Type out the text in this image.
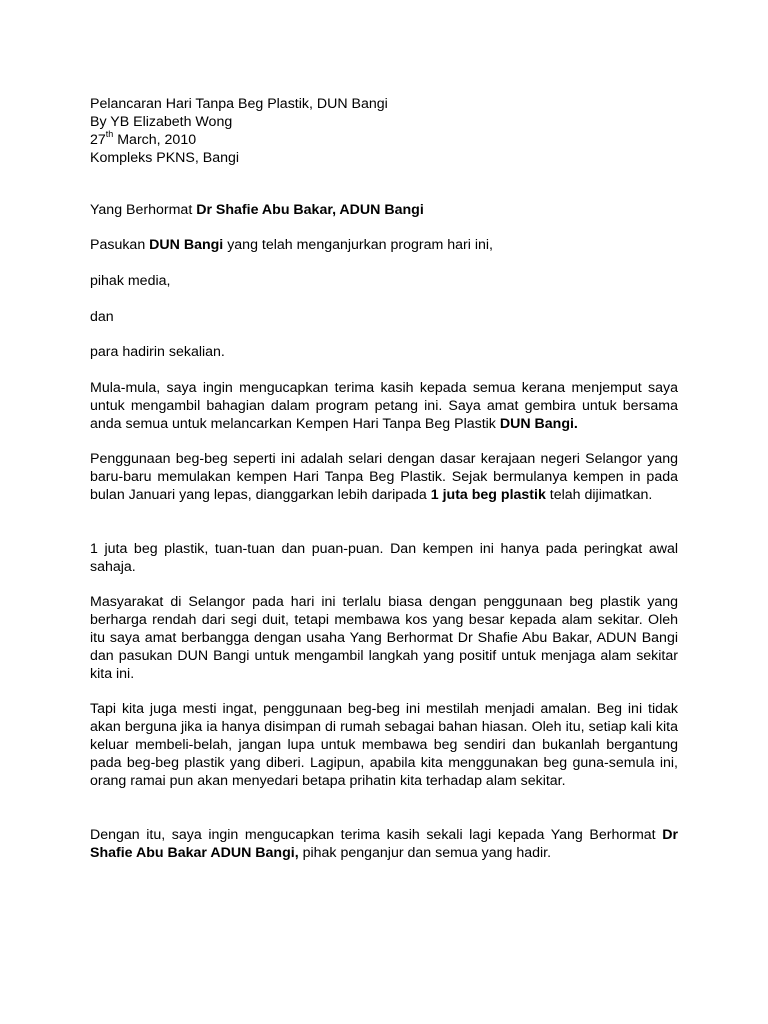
Pelancaran Hari Tanpa Beg Plastik, DUN Bangi
By YB Elizabeth Wong
27th March, 2010
Kompleks PKNS, Bangi
Yang Berhormat Dr Shafie Abu Bakar, ADUN Bangi
Pasukan DUN Bangi yang telah menganjurkan program hari ini,
pihak media,
dan
para hadirin sekalian.
Mula-mula, saya ingin mengucapkan terima kasih kepada semua kerana menjemput saya untuk mengambil bahagian dalam program petang ini. Saya amat gembira untuk bersama anda semua untuk melancarkan Kempen Hari Tanpa Beg Plastik DUN Bangi.
Penggunaan beg-beg seperti ini adalah selari dengan dasar kerajaan negeri Selangor yang baru-baru memulakan kempen Hari Tanpa Beg Plastik. Sejak bermulanya kempen in pada bulan Januari yang lepas, dianggarkan lebih daripada 1 juta beg plastik telah dijimatkan.
1 juta beg plastik, tuan-tuan dan puan-puan. Dan kempen ini hanya pada peringkat awal sahaja.
Masyarakat di Selangor pada hari ini terlalu biasa dengan penggunaan beg plastik yang berharga rendah dari segi duit, tetapi membawa kos yang besar kepada alam sekitar. Oleh itu saya amat berbangga dengan usaha Yang Berhormat Dr Shafie Abu Bakar, ADUN Bangi dan pasukan DUN Bangi untuk mengambil langkah yang positif untuk menjaga alam sekitar kita ini.
Tapi kita juga mesti ingat, penggunaan beg-beg ini mestilah menjadi amalan. Beg ini tidak akan berguna jika ia hanya disimpan di rumah sebagai bahan hiasan. Oleh itu, setiap kali kita keluar membeli-belah, jangan lupa untuk membawa beg sendiri dan bukanlah bergantung pada beg-beg plastik yang diberi. Lagipun, apabila kita menggunakan beg guna-semula ini, orang ramai pun akan menyedari betapa prihatin kita terhadap alam sekitar.
Dengan itu, saya ingin mengucapkan terima kasih sekali lagi kepada Yang Berhormat Dr Shafie Abu Bakar ADUN Bangi, pihak penganjur dan semua yang hadir.
